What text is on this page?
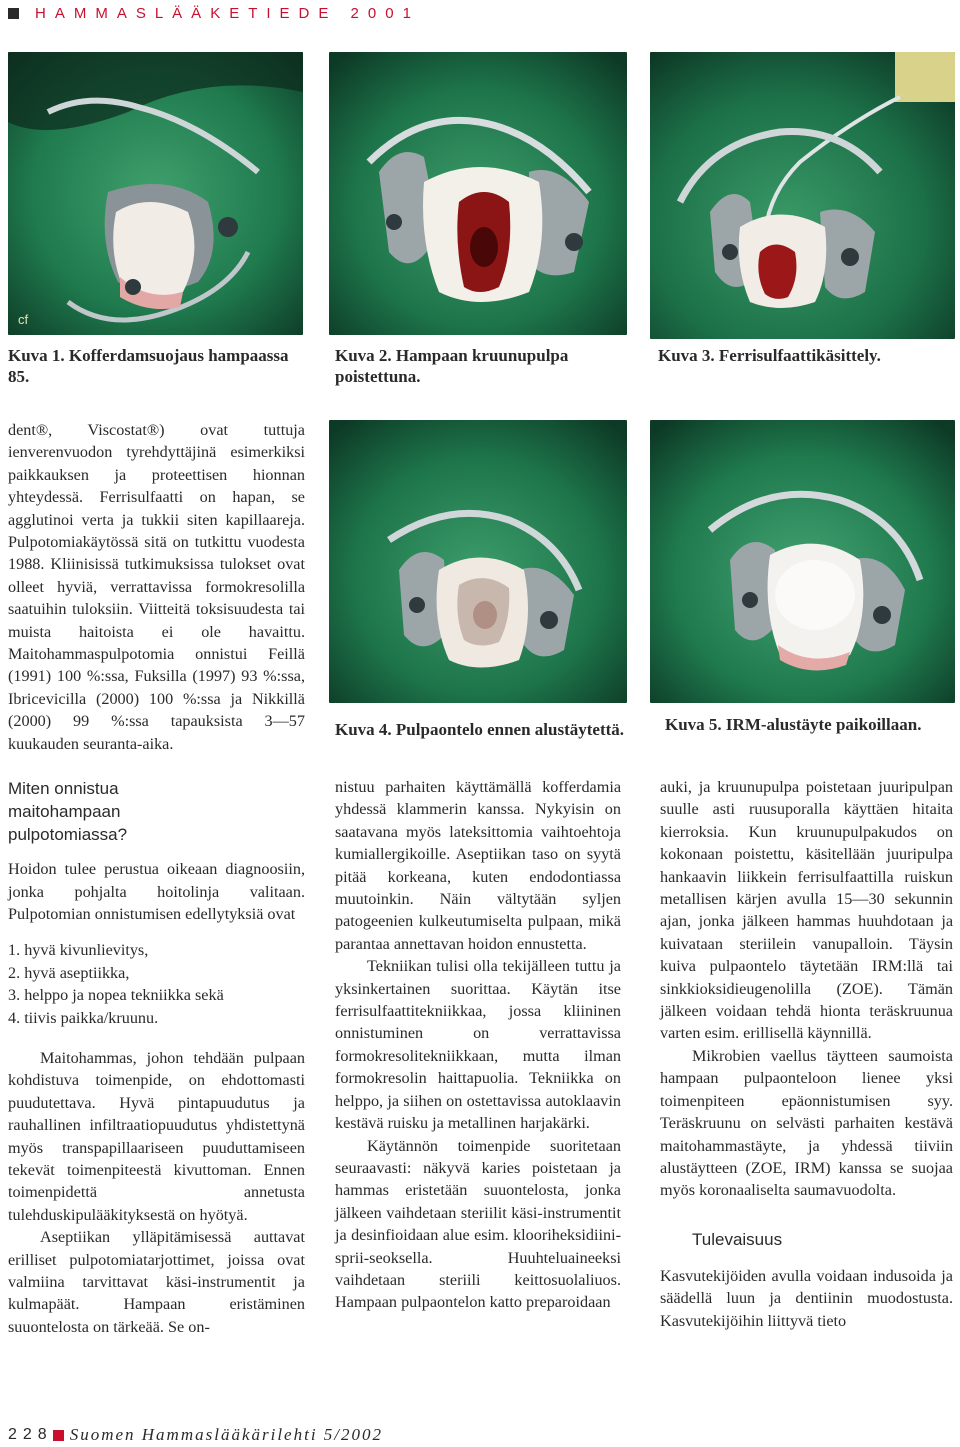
HAMMASLÄÄKETIEDE 2001
cf
Kuva 1. Kofferdamsuojaus hampaassa 85.
Kuva 2. Hampaan kruunupulpa poistettuna.
Kuva 3. Ferrisulfaattikäsittely.
Kuva 4. Pulpaontelo ennen alustäytettä.	Kuva 5. IRM-alustäyte paikoillaan.

dent®, Viscostat®) ovat tuttuja ienverenvuodon tyrehdyttäjinä esimerkiksi paikkauksen ja proteettisen hionnan yhteydessä. Ferrisulfaatti on hapan, se agglutinoi verta ja tukkii siten kapillaareja. Pulpotomiakäytössä sitä on tutkittu vuodesta 1988. Kliinisissä tutkimuksissa tulokset ovat olleet hyviä, verrattavissa formokresolilla saatuihin tuloksiin. Viitteitä toksisuudesta tai muista haitoista ei ole havaittu. Maitohammaspulpotomia onnistui Feillä (1991) 100 %:ssa, Fuksilla (1997) 93 %:ssa, Ibricevicilla (2000) 100 %:ssa ja Nikkillä (2000) 99 %:ssa tapauksista 3—57 kuukauden seuranta-aika.

Miten onnistua maitohampaan pulpotomiassa?

Hoidon tulee perustua oikeaan diagnoosiin, jonka pohjalta hoitolinja valitaan. Pulpotomian onnistumisen edellytyksiä ovat

1. hyvä kivunlievitys,
2. hyvä aseptiikka,
3. helppo ja nopea tekniikka sekä
4. tiivis paikka/kruunu.

Maitohammas, johon tehdään pulpaan kohdistuva toimenpide, on ehdottomasti puudutettava. Hyvä pintapuudutus ja rauhallinen infiltraatiopuudutus yhdistettynä myös transpapillaariseen puuduttamiseen tekevät toimenpiteestä kivuttoman. Ennen toimenpidettä annetusta tulehduskipulääkityksestä on hyötyä.

Aseptiikan ylläpitämisessä auttavat erilliset pulpotomiatarjottimet, joissa ovat valmiina tarvittavat käsi-instrumentit ja kulmapäät. Hampaan eristäminen suuontelosta on tärkeää. Se on-

nistuu parhaiten käyttämällä kofferdamia yhdessä klammerin kanssa. Nykyisin on saatavana myös lateksittomia vaihtoehtoja kumiallergikoille. Aseptiikan taso on syytä pitää korkeana, kuten endodontiassa muutoinkin. Näin vältytään syljen patogeenien kulkeutumiselta pulpaan, mikä parantaa annettavan hoidon ennustetta.

Tekniikan tulisi olla tekijälleen tuttu ja yksinkertainen suorittaa. Käytän itse ferrisulfaattitekniikkaa, jossa kliininen onnistuminen on verrattavissa formokresolitekniikkaan, mutta ilman formokresolin haittapuolia. Tekniikka on helppo, ja siihen on ostettavissa autoklaavin kestävä ruisku ja metallinen harjakärki.

Käytännön toimenpide suoritetaan seuraavasti: näkyvä karies poistetaan ja hammas eristetään suuontelosta, jonka jälkeen vaihdetaan steriilit käsi-instrumentit ja desinfioidaan alue esim. klooriheksidiini-sprii-seoksella. Huuhteluaineeksi vaihdetaan steriili keittosuolaliuos. Hampaan pulpaontelon katto preparoidaan

auki, ja kruunupulpa poistetaan juuripulpan suulle asti ruusuporalla käyttäen hitaita kierroksia. Kun kruunupulpakudos on kokonaan poistettu, käsitellään juuripulpa hankaavin liikkein ferrisulfaattilla ruiskun metallisen kärjen avulla 15—30 sekunnin ajan, jonka jälkeen hammas huuhdotaan ja kuivataan steriilein vanupalloin. Täysin kuiva pulpaontelo täytetään IRM:llä tai sinkkioksidieugenolilla (ZOE). Tämän jälkeen voidaan tehdä hionta teräskruunua varten esim. erillisellä käynnillä.

Mikrobien vaellus täytteen saumoista hampaan pulpaonteloon lienee yksi toimenpiteen epäonnistumisen syy. Teräskruunu on selvästi parhaiten kestävä maitohammastäyte, ja yhdessä tiiviin alustäytteen (ZOE, IRM) kanssa se suojaa myös koronaaliselta saumavuodolta.

Tulevaisuus

Kasvutekijöiden avulla voidaan indusoida ja säädellä luun ja dentiinin muodostusta. Kasvutekijöihin liittyvä tieto

228 Suomen Hammaslääkärilehti 5/2002
